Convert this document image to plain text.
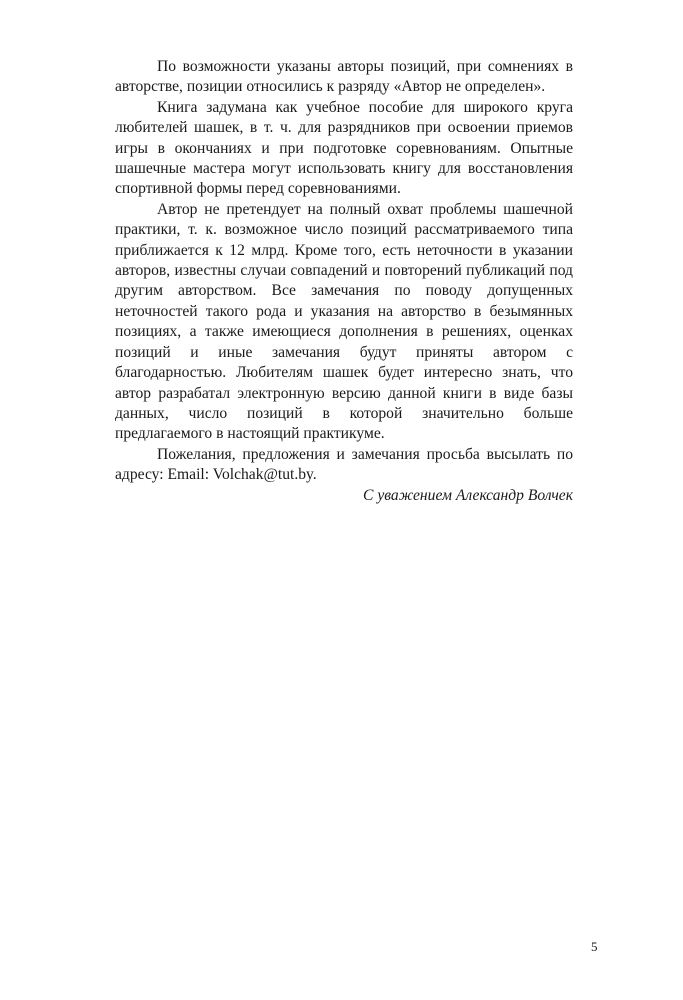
По возможности указаны авторы позиций, при сомнениях в авторстве, позиции относились к разряду «Автор не определен».

Книга задумана как учебное пособие для широкого круга любителей шашек, в т. ч. для разрядников при освоении приемов игры в окончаниях и при подготовке соревнованиям. Опытные шашечные мастера могут использовать книгу для восстановления спортивной формы перед соревнованиями.

Автор не претендует на полный охват проблемы шашечной практики, т. к. возможное число позиций рассматриваемого типа приближается к 12 млрд. Кроме того, есть неточности в указании авторов, известны случаи совпадений и повторений публикаций под другим авторством. Все замечания по поводу допущенных неточностей такого рода и указания на авторство в безымянных позициях, а также имеющиеся дополнения в решениях, оценках позиций и иные замечания будут приняты автором с благодарностью. Любителям шашек будет интересно знать, что автор разрабатал электронную версию данной книги в виде базы данных, число позиций в которой значительно больше предлагаемого в настоящий практикуме.

Пожелания, предложения и замечания просьба высылать по адресу: Email: Volchak@tut.by.

С уважением Александр Волчек

5
